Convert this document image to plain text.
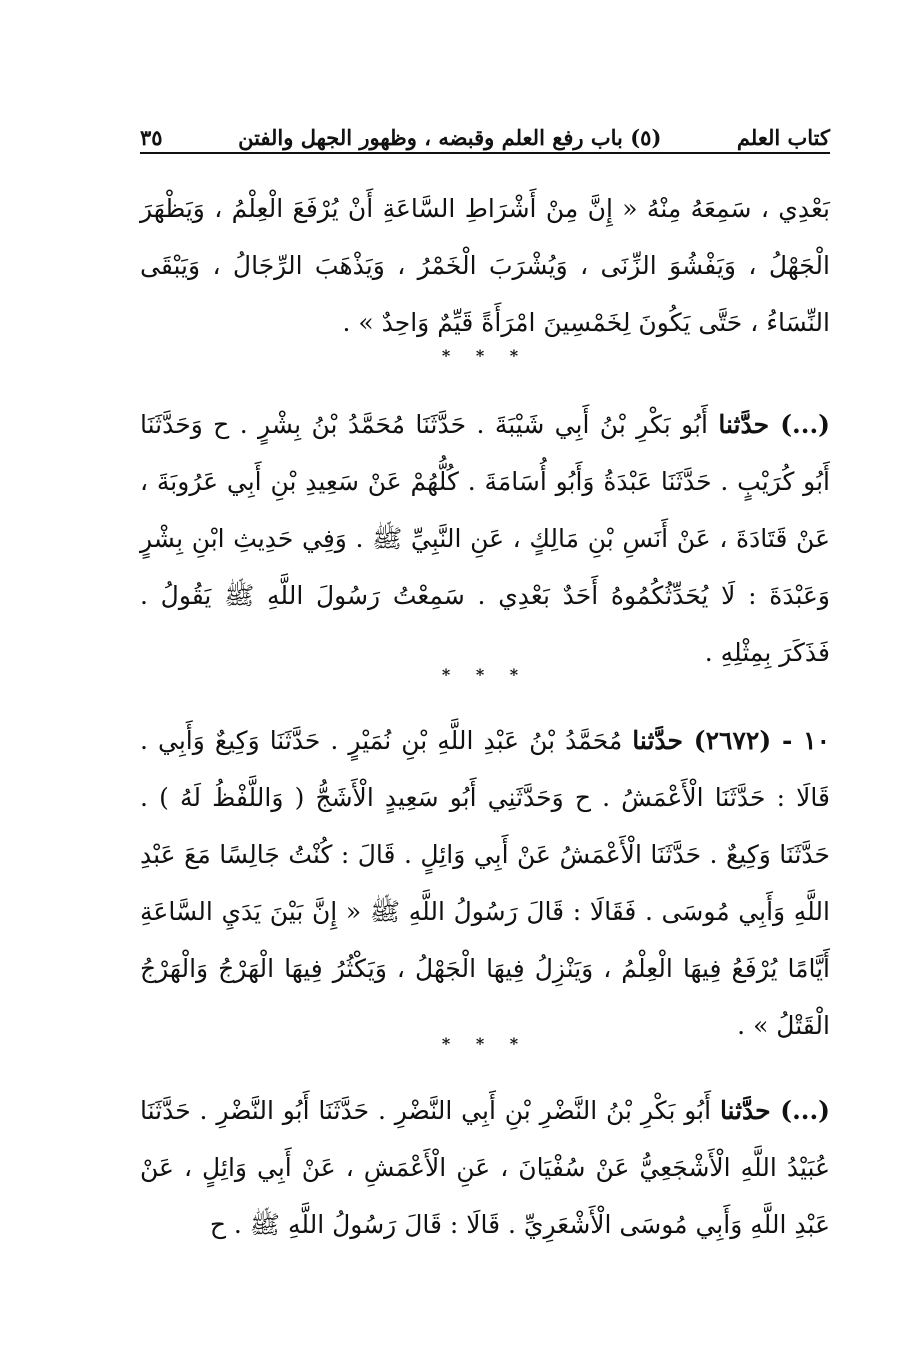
كتاب العلم
(٥) باب رفع العلم وقبضه ، وظهور الجهل والفتن
٣٥
بَعْدِي ، سَمِعَهُ مِنْهُ « إِنَّ مِنْ أَشْرَاطِ السَّاعَةِ أَنْ يُرْفَعَ الْعِلْمُ ، وَيَظْهَرَ الْجَهْلُ ، وَيَفْشُوَ الزِّنَى ، وَيُشْرَبَ الْخَمْرُ ، وَيَذْهَبَ الرِّجَالُ ، وَيَبْقَى النِّسَاءُ ، حَتَّى يَكُونَ لِخَمْسِينَ امْرَأَةً قَيِّمٌ وَاحِدٌ » .
* * *
(...) حدَّثنا أَبُو بَكْرِ بْنُ أَبِي شَيْبَةَ . حَدَّثَنَا مُحَمَّدُ بْنُ بِشْرٍ . ح وَحَدَّثَنَا أَبُو كُرَيْبٍ . حَدَّثَنَا عَبْدَةُ وَأَبُو أُسَامَةَ . كُلُّهُمْ عَنْ سَعِيدِ بْنِ أَبِي عَرُوبَةَ ، عَنْ قَتَادَةَ ، عَنْ أَنَسِ بْنِ مَالِكٍ ، عَنِ النَّبِيِّ ﷺ . وَفِي حَدِيثِ ابْنِ بِشْرٍ وَعَبْدَةَ : لَا يُحَدِّثُكُمُوهُ أَحَدٌ بَعْدِي . سَمِعْتُ رَسُولَ اللَّهِ ﷺ يَقُولُ . فَذَكَرَ بِمِثْلِهِ .
* * *
١٠ - (٢٦٧٢) حدَّثنا مُحَمَّدُ بْنُ عَبْدِ اللَّهِ بْنِ نُمَيْرٍ . حَدَّثَنَا وَكِيعٌ وَأَبِي . قَالَا : حَدَّثَنَا الْأَعْمَشُ . ح وَحَدَّثَنِي أَبُو سَعِيدٍ الْأَشَجُّ ( وَاللَّفْظُ لَهُ ) . حَدَّثَنَا وَكِيعٌ . حَدَّثَنَا الْأَعْمَشُ عَنْ أَبِي وَائِلٍ . قَالَ : كُنْتُ جَالِسًا مَعَ عَبْدِ اللَّهِ وَأَبِي مُوسَى . فَقَالَا : قَالَ رَسُولُ اللَّهِ ﷺ « إِنَّ بَيْنَ يَدَيِ السَّاعَةِ أَيَّامًا يُرْفَعُ فِيهَا الْعِلْمُ ، وَيَنْزِلُ فِيهَا الْجَهْلُ ، وَيَكْثُرُ فِيهَا الْهَرْجُ وَالْهَرْجُ الْقَتْلُ » .
* * *
(...) حدَّثنا أَبُو بَكْرِ بْنُ النَّضْرِ بْنِ أَبِي النَّضْرِ . حَدَّثَنَا أَبُو النَّضْرِ . حَدَّثَنَا عُبَيْدُ اللَّهِ الْأَشْجَعِيُّ عَنْ سُفْيَانَ ، عَنِ الْأَعْمَشِ ، عَنْ أَبِي وَائِلٍ ، عَنْ عَبْدِ اللَّهِ وَأَبِي مُوسَى الْأَشْعَرِيِّ . قَالَا : قَالَ رَسُولُ اللَّهِ ﷺ . ح
